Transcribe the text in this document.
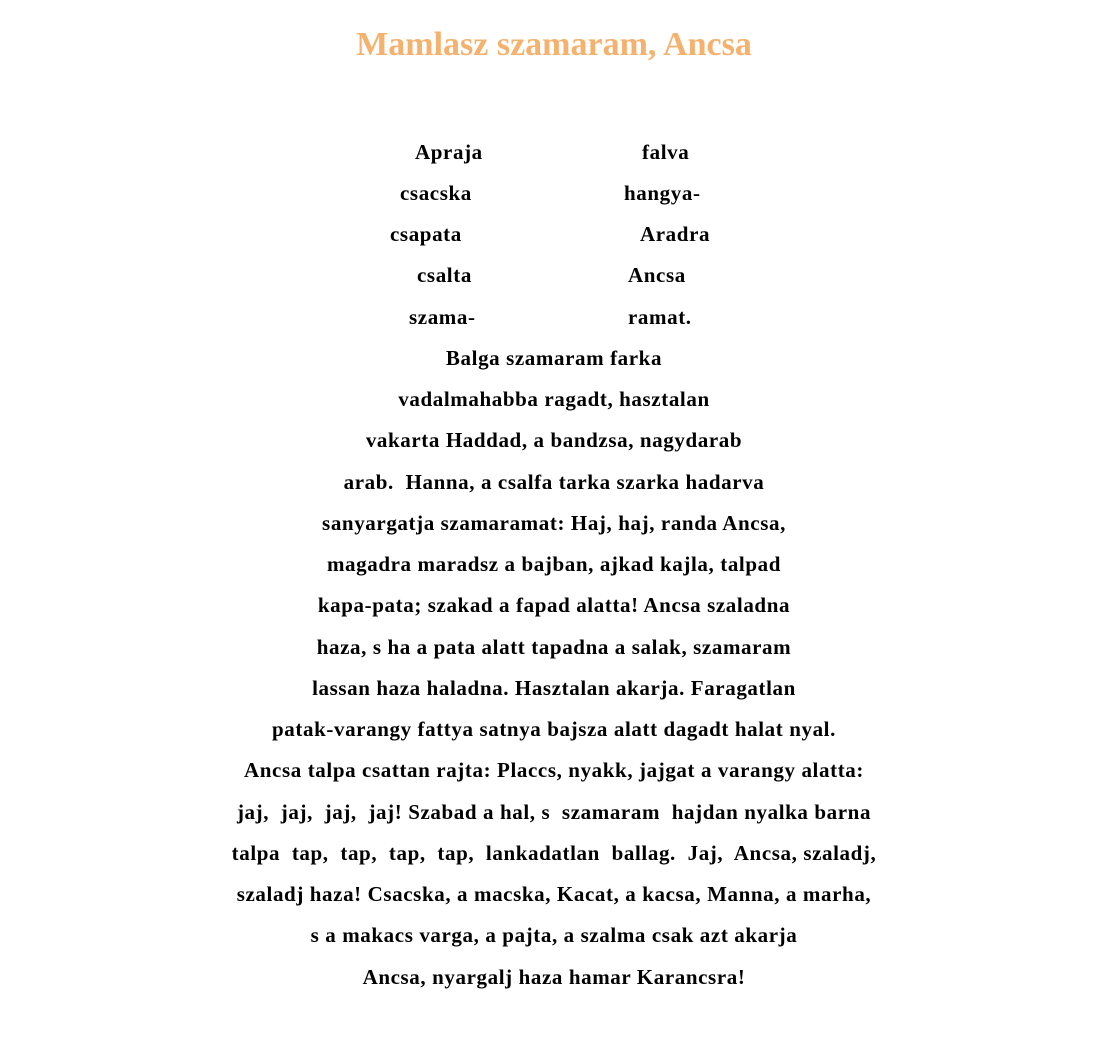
Mamlasz szamaram, Ancsa
Apraja	falva
csacska	hangya-
csapata	Aradra
csalta	Ancsa
szama-	ramat.
Balga szamaram farka
vadalmahabba ragadt, hasztalan
vakarta Haddad, a bandzsa, nagydarab
arab.  Hanna, a csalfa tarka szarka hadarva
sanyargatja szamaramat: Haj, haj, randa Ancsa,
magadra maradsz a bajban, ajkad kajla, talpad
kapa-pata; szakad a fapad alatta! Ancsa szaladna
haza, s ha a pata alatt tapadna a salak, szamaram
lassan haza haladna. Hasztalan akarja. Faragatlan
patak-varangy fattya satnya bajsza alatt dagadt halat nyal.
Ancsa talpa csattan rajta: Placcs, nyakk, jajgat a varangy alatta:
jaj,  jaj,  jaj,  jaj! Szabad a hal, s  szamaram  hajdan nyalka barna
talpa  tap,  tap,  tap,  tap,  lankadatlan  ballag.  Jaj,  Ancsa, szaladj,
szaladj haza! Csacska, a macska, Kacat, a kacsa, Manna, a marha,
s a makacs varga, a pajta, a szalma csak azt akarja
Ancsa, nyargalj haza hamar Karancsra!
